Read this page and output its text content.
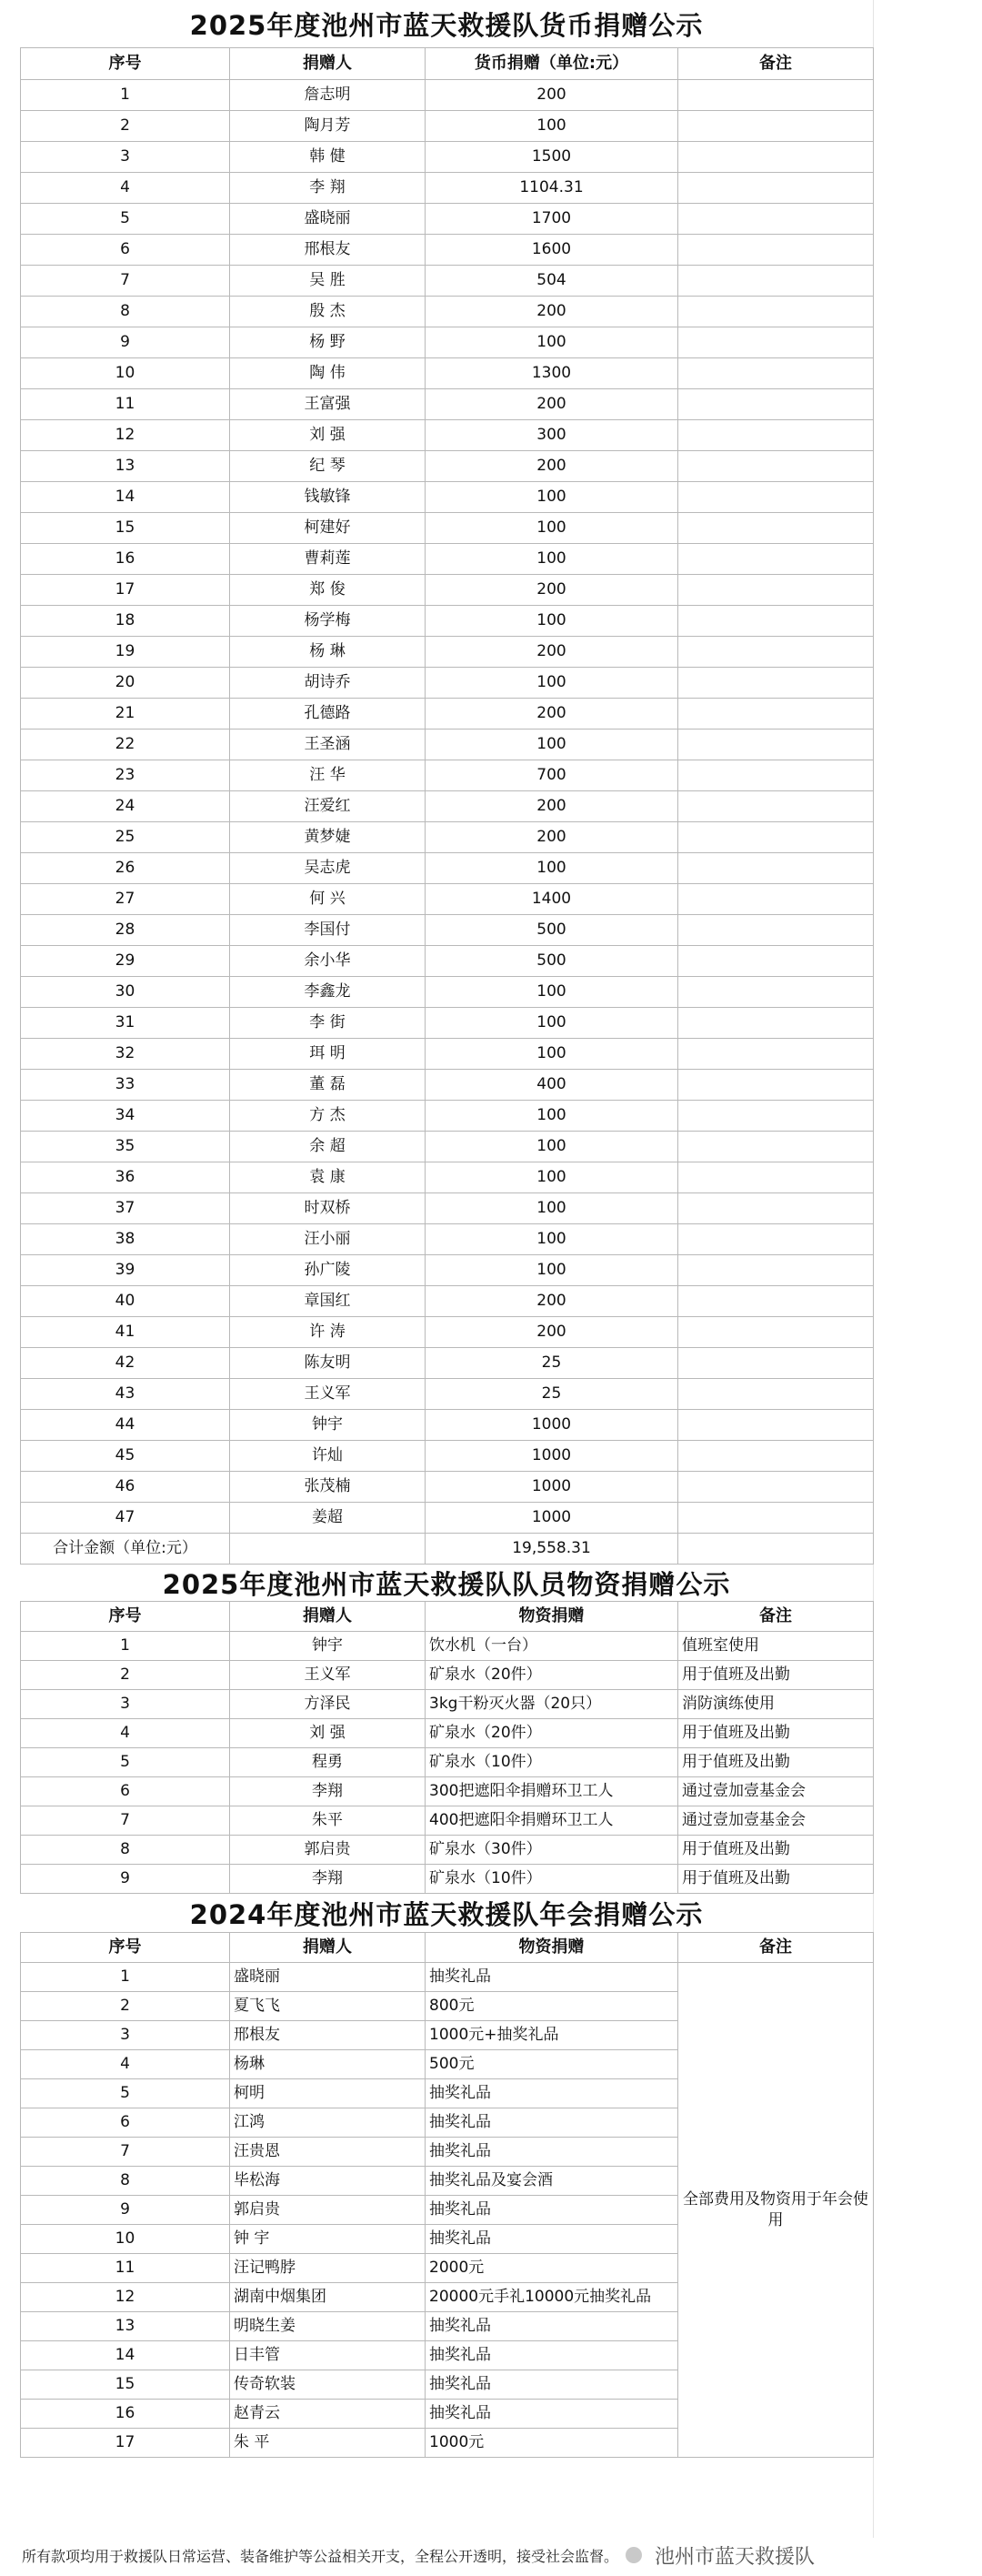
2025年度池州市蓝天救援队货币捐赠公示
序号	捐赠人	货币捐赠（单位:元）	备注
1	詹志明	200	
2	陶月芳	100	
3	韩 健	1500	
4	李 翔	1104.31	
5	盛晓丽	1700	
6	邢根友	1600	
7	吴 胜	504	
8	殷 杰	200	
9	杨 野	100	
10	陶 伟	1300	
11	王富强	200	
12	刘 强	300	
13	纪 琴	200	
14	钱敏锋	100	
15	柯建好	100	
16	曹莉莲	100	
17	郑 俊	200	
18	杨学梅	100	
19	杨 琳	200	
20	胡诗乔	100	
21	孔德路	200	
22	王圣涵	100	
23	汪 华	700	
24	汪爱红	200	
25	黄梦婕	200	
26	吴志虎	100	
27	何 兴	1400	
28	李国付	500	
29	余小华	500	
30	李鑫龙	100	
31	李 街	100	
32	珥 明	100	
33	董 磊	400	
34	方 杰	100	
35	余 超	100	
36	袁 康	100	
37	时双桥	100	
38	汪小丽	100	
39	孙广陵	100	
40	章国红	200	
41	许 涛	200	
42	陈友明	25	
43	王义军	25	
44	钟宇	1000	
45	许灿	1000	
46	张茂楠	1000	
47	姜超	1000	
合计金额（单位:元）		19,558.31	
2025年度池州市蓝天救援队队员物资捐赠公示
序号	捐赠人	物资捐赠	备注
1	钟宇	饮水机（一台）	值班室使用
2	王义军	矿泉水（20件）	用于值班及出勤
3	方泽民	3kg干粉灭火器（20只）	消防演练使用
4	刘 强	矿泉水（20件）	用于值班及出勤
5	程勇	矿泉水（10件）	用于值班及出勤
6	李翔	300把遮阳伞捐赠环卫工人	通过壹加壹基金会
7	朱平	400把遮阳伞捐赠环卫工人	通过壹加壹基金会
8	郭启贵	矿泉水（30件）	用于值班及出勤
9	李翔	矿泉水（10件）	用于值班及出勤
2024年度池州市蓝天救援队年会捐赠公示
序号	捐赠人	物资捐赠	备注
1	盛晓丽	抽奖礼品	全部费用及物资用于年会使用
2	夏飞飞	800元	
3	邢根友	1000元+抽奖礼品	
4	杨琳	500元	
5	柯明	抽奖礼品	
6	江鸿	抽奖礼品	
7	汪贵恩	抽奖礼品	
8	毕松海	抽奖礼品及宴会酒	
9	郭启贵	抽奖礼品	
10	钟 宇	抽奖礼品	
11	汪记鸭脖	2000元	
12	湖南中烟集团	20000元手礼10000元抽奖礼品	
13	明晓生姜	抽奖礼品	
14	日丰管	抽奖礼品	
15	传奇软装	抽奖礼品	
16	赵青云	抽奖礼品	
17	朱 平	1000元	
所有款项均用于救援队日常运营、装备维护等公益相关开支，全程公开透明，接受社会监督。 池州市蓝天救援队
